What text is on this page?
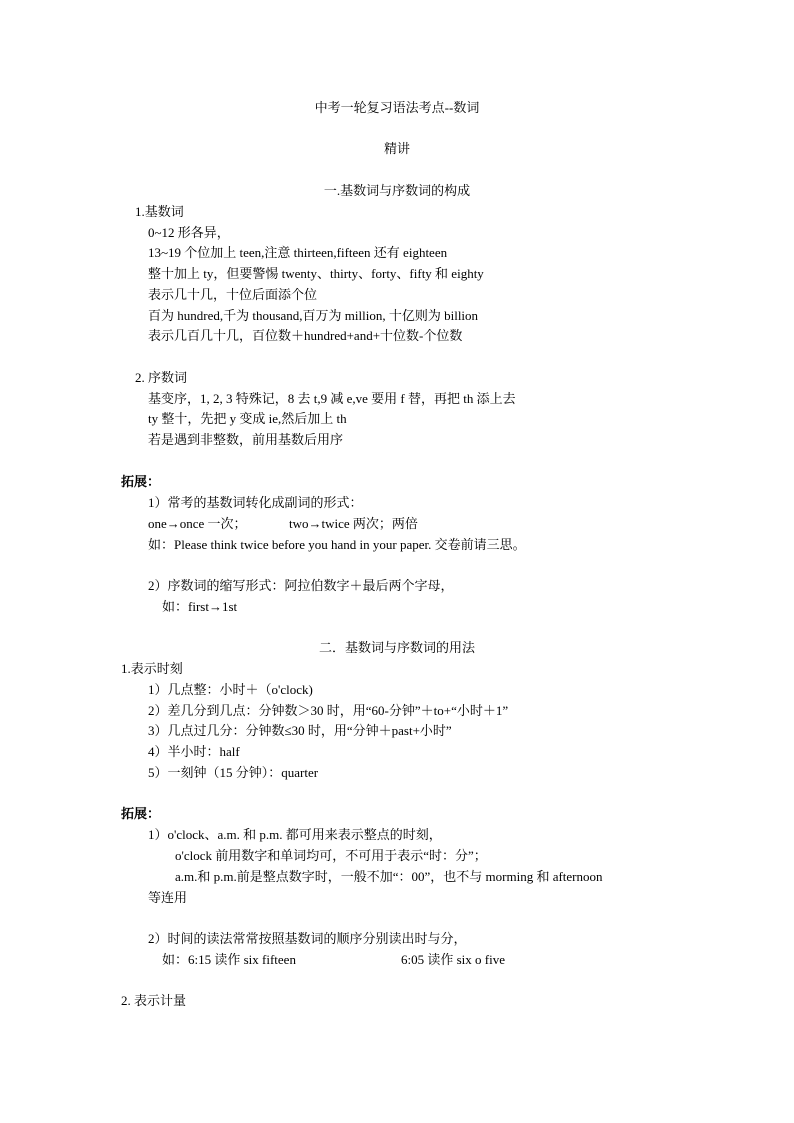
中考一轮复习语法考点--数词
精讲
一.基数词与序数词的构成
1.基数词
0~12 形各异，
13~19 个位加上 teen,注意 thirteen,fifteen 还有 eighteen
整十加上 ty，但要警惕 twenty、thirty、forty、fifty 和 eighty
表示几十几，十位后面添个位
百为 hundred,千为 thousand,百万为 million, 十亿则为 billion
表示几百几十几，百位数＋hundred+and+十位数-个位数
2. 序数词
基变序，1, 2, 3 特殊记，8 去 t,9 减 e,ve 要用 f 替，再把 th 添上去
ty 整十，先把 y 变成 ie,然后加上 th
若是遇到非整数，前用基数后用序
拓展：
1）常考的基数词转化成副词的形式：
one→once 一次；	two→twice 两次；两倍
如：Please think twice before you hand in your paper. 交卷前请三思。
2）序数词的缩写形式：阿拉伯数字＋最后两个字母，
如：first→1st
二．基数词与序数词的用法
1.表示时刻
1）几点整：小时＋（o'clock)
2）差几分到几点：分钟数＞30 时，用“60-分钟”＋to+“小时＋1”
3）几点过几分：分钟数≤30 时，用“分钟＋past+小时”
4）半小时：half
5）一刻钟（15 分钟）：quarter
拓展：
1）o'clock、a.m. 和 p.m. 都可用来表示整点的时刻，
o'clock 前用数字和单词均可，不可用于表示“时：分”；
a.m.和 p.m.前是整点数字时，一般不加“：00”，也不与 morming 和 afternoon
等连用
2）时间的读法常常按照基数词的顺序分别读出时与分，
如：6:15 读作 six fifteen	6:05 读作 six o five
2. 表示计量
